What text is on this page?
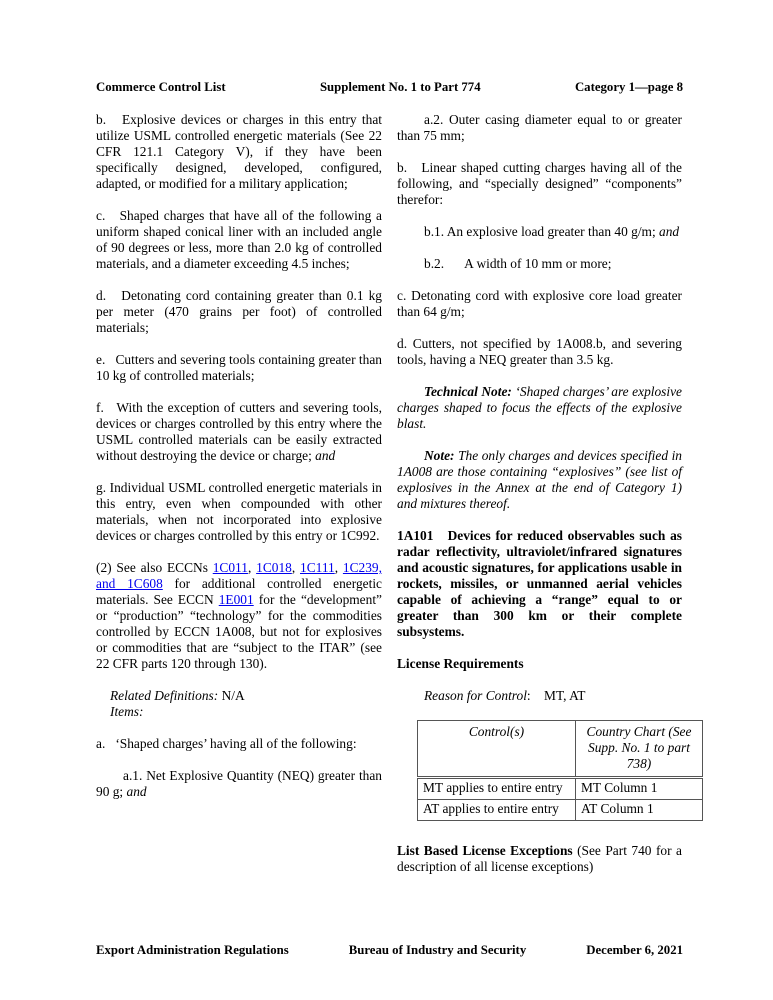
Commerce Control List	Supplement No. 1 to Part 774	Category 1—page 8

b.   Explosive devices or charges in this entry that utilize USML controlled energetic materials (See 22 CFR 121.1 Category V), if they have been specifically designed, developed, configured, adapted, or modified for a military application;

c.   Shaped charges that have all of the following a uniform shaped conical liner with an included angle of 90 degrees or less, more than 2.0 kg of controlled materials, and a diameter exceeding 4.5 inches;

d.   Detonating cord containing greater than 0.1 kg per meter (470 grains per foot) of controlled materials;

e.   Cutters and severing tools containing greater than 10 kg of controlled materials;

f.   With the exception of cutters and severing tools, devices or charges controlled by this entry where the USML controlled materials can be easily extracted without destroying the device or charge; and

g. Individual USML controlled energetic materials in this entry, even when compounded with other materials, when not incorporated into explosive devices or charges controlled by this entry or 1C992.

(2) See also ECCNs 1C011, 1C018, 1C111, 1C239, and 1C608 for additional controlled energetic materials. See ECCN 1E001 for the “development” or “production” “technology” for the commodities controlled by ECCN 1A008, but not for explosives or commodities that are “subject to the ITAR” (see 22 CFR parts 120 through 130).

Related Definitions: N/A

Items:

a.   ‘Shaped charges’ having all of the following:

a.1. Net Explosive Quantity (NEQ) greater than 90 g; and

a.2. Outer casing diameter equal to or greater than 75 mm;

b.   Linear shaped cutting charges having all of the following, and “specially designed” “components” therefor:

b.1. An explosive load greater than 40 g/m; and

b.2.      A width of 10 mm or more;

c. Detonating cord with explosive core load greater than 64 g/m;

d. Cutters, not specified by 1A008.b, and severing tools, having a NEQ greater than 3.5 kg.

Technical Note: ‘Shaped charges’ are explosive charges shaped to focus the effects of the explosive blast.

Note: The only charges and devices specified in 1A008 are those containing “explosives” (see list of explosives in the Annex at the end of Category 1) and mixtures thereof.

1A101   Devices for reduced observables such as radar reflectivity, ultraviolet/infrared signatures and acoustic signatures, for applications usable in rockets, missiles, or unmanned aerial vehicles capable of achieving a “range” equal to or greater than 300 km or their complete subsystems.

License Requirements

Reason for Control:    MT, AT

Control(s)	Country Chart (See Supp. No. 1 to part 738)
MT applies to entire entry	MT Column 1
AT applies to entire entry	AT Column 1

List Based License Exceptions (See Part 740 for a description of all license exceptions)

Export Administration Regulations	Bureau of Industry and Security	December 6, 2021
